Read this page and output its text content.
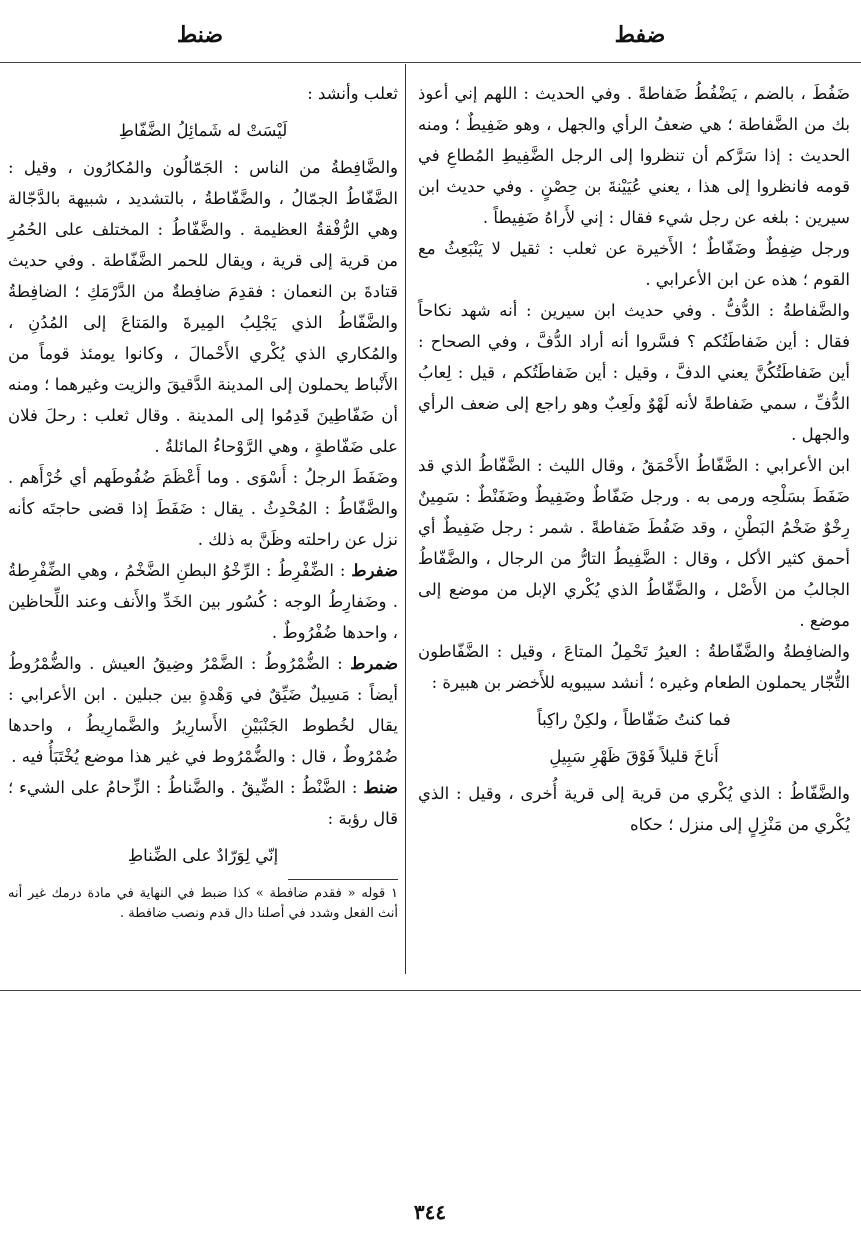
ضفط
ضنط

ضَفُطَ ، بالضم ، يَضْفُطُ ضَفاطةً . وفي الحديث : اللهم إني أعوذ بك من الضَّفاطة ؛ هي ضعفُ الرأي والجهل ، وهو ضَفِيطٌ ؛ ومنه الحديث : إذا سَرَّكم أن تنظروا إلى الرجل الضَّفِيطِ المُطاعِ في قومه فانظروا إلى هذا ، يعني عُيَيْنةَ بن حِصْنٍ . وفي حديث ابن سيرين : بلغه عن رجل شيء فقال : إني لأَراهُ ضَفِيطاً .

ورجل ضِفِطٌ وضَفّاطٌ ؛ الأَخيرة عن ثعلب : ثقيل لا يَنْبَعِثُ مع القوم ؛ هذه عن ابن الأعرابي .

والضَّفاطةُ : الدُّفُّ . وفي حديث ابن سيرين : أنه شهد نكاحاً فقال : أين ضَفاطَتُكم ؟ فسَّروا أنه أراد الدُّفَّ ، وفي الصحاح : أين ضَفاطَتُكُنَّ يعني الدفَّ ، وقيل : أين ضَفاطَتُكم ، قيل : لِعابُ الدُّفِّ ، سمي ضَفاطةً لأنه لَهْوٌ ولَعِبٌ وهو راجع إلى ضعف الرأي والجهل .

ابن الأعرابي : الضَّفّاطُ الأَحْمَقُ ، وقال الليث : الضَّفّاطُ الذي قد ضَفَطَ بسَلْحِه ورمى به . ورجل ضَفّاطٌ وضَفِيطٌ وضَفَنْطٌ : سَمِينٌ رِخْوٌ ضَخْمُ البَطْنِ ، وقد ضَفُطَ ضَفاطةً . شمر : رجل ضَفِيطٌ أي أحمق كثير الأكل ، وقال : الضَّفِيطُ التارُّ من الرجال ، والضَّفّاطُ الجالبُ من الأَصْل ، والضَّفّاطُ الذي يُكْري الإبل من موضع إلى موضع .

والضافِطةُ والضَّفّاطةُ : العيرُ تَحْمِلُ المتاعَ ، وقيل : الضَّفّاطون التُّجّار يحملون الطعام وغيره ؛ أنشد سيبويه للأَخضر بن هبيرة :

فما كنتُ ضَفّاطاً ، ولكِنْ راكِباً
أَناخَ قليلاً فَوْقَ ظَهْرِ سَبِيلِ

والضَّفّاطُ : الذي يُكْري من قرية إلى قرية أُخرى ، وقيل : الذي يُكْري من مَنْزِلٍ إلى منزل ؛ حكاه

ثعلب وأنشد :

لَيْسَتْ له شَمائِلُ الضَّفّاطِ

والضَّافِطةُ من الناس : الجَمّالُون والمُكارُون ، وقيل : الضَّفّاطُ الجمّالُ ، والضَّفّاطةُ ، بالتشديد ، شبيهة بالدَّجّالة وهي الرُّفْقةُ العظيمة . والضَّفّاطُ : المختلف على الحُمُرِ من قرية إلى قرية ، ويقال للحمر الضَّفّاطة . وفي حديث قتادةَ بن النعمان : فقدِمَ ضافِطةٌ من الدَّرْمَكِ ؛ الضافِطةُ والضَّفّاطُ الذي يَجْلِبُ المِيرةَ والمَتاعَ إلى المُدُنِ ، والمُكاري الذي يُكْري الأَحْمالَ ، وكانوا يومئذ قوماً من الأَنْباط يحملون إلى المدينة الدَّقيقَ والزيت وغيرهما ؛ ومنه أن ضَفّاطِينَ قَدِمُوا إلى المدينة . وقال ثعلب : رحلَ فلان على ضَفّاطةٍ ، وهي الرَّوْحاءُ المائلةُ .

وضَفَطَ الرجلُ : أَسْوَى . وما أَعْظَمَ ضُفُوطَهم أي خُرْأَهم . والضَّفّاطُ : المُحْدِثُ . يقال : ضَفَطَ إذا قضى حاجتَه كأنه نزل عن راحلته وظَنَّ به ذلك .

ضفرط : الضِّفْرِطُ : الرِّخْوُ البطنِ الضَّخْمُ ، وهي الضِّفْرِطةُ . وضَفارِطُ الوجه : كُسُور بين الخَدِّ والأَنف وعند اللِّحاظين ، واحدها ضُفْرُوطٌ .

ضمرط : الضُّمْرُوطُ : الضَّمْرُ وضِيقُ العيش . والضُّمْرُوطُ أيضاً : مَسِيلٌ ضَيِّقٌ في وَهْدةٍ بين جبلين . ابن الأعرابي : يقال لخُطوط الجَنْبَيْنِ الأَسارِيرُ والضَّمارِيطُ ، واحدها ضُمْرُوطٌ ، قال : والضُّمْرُوط في غير هذا موضع يُخْتَبَأُ فيه .

ضنط : الضَّنْطُ : الضِّيقُ . والضَّناطُ : الزِّحامُ على الشيء ؛ قال رؤبة :

إنّي لِوَرّادٌ على الضِّناطِ
١ قوله « فقدم ضافطة » كذا ضبط في النهاية في مادة درمك غير أنه أنث الفعل وشدد في أصلنا دال قدم ونصب ضافطة .
٣٤٤
